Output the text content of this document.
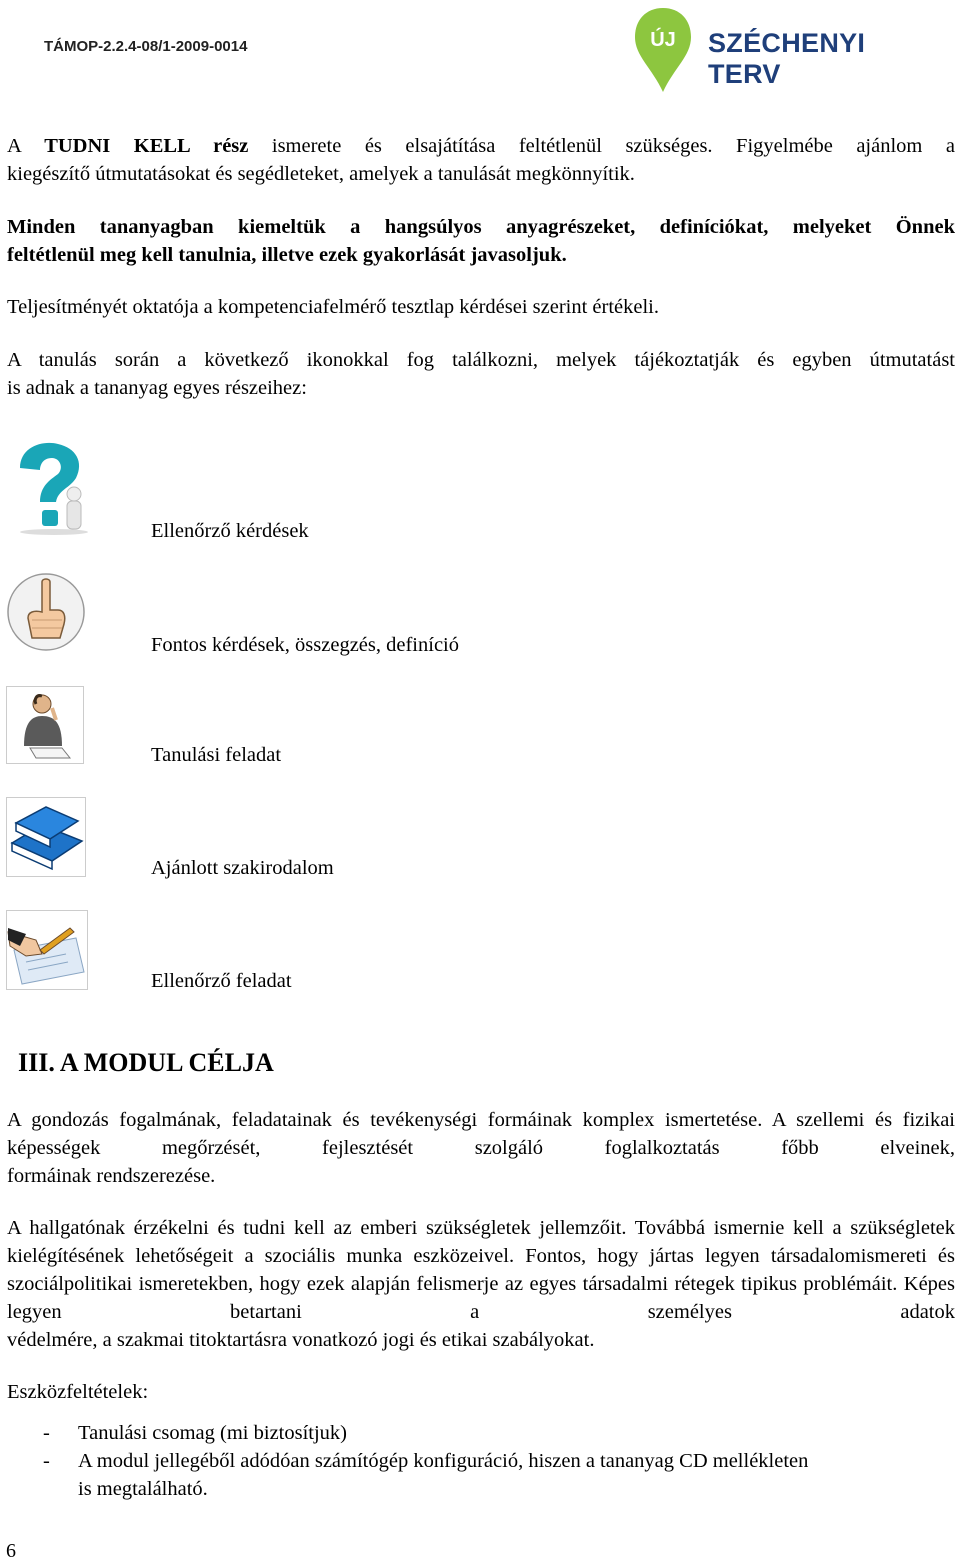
TÁMOP-2.2.4-08/1-2009-0014	ÚJ SZÉCHENYI TERV

A TUDNI KELL rész ismerete és elsajátítása feltétlenül szükséges. Figyelmébe ajánlom a
kiegészítő útmutatásokat és segédleteket, amelyek a tanulását megkönnyítik.

Minden tananyagban kiemeltük a hangsúlyos anyagrészeket, definíciókat, melyeket Önnek
feltétlenül meg kell tanulnia, illetve ezek gyakorlását javasoljuk.

Teljesítményét oktatója a kompetenciafelmérő tesztlap kérdései szerint értékeli.

A tanulás során a következő ikonokkal fog találkozni, melyek tájékoztatják és egyben útmutatást
is adnak a tananyag egyes részeihez:

Ellenőrző kérdések
Fontos kérdések, összegzés, definíció
Tanulási feladat
Ajánlott szakirodalom
Ellenőrző feladat
III. A MODUL CÉLJA

A gondozás fogalmának, feladatainak és tevékenységi formáinak komplex ismertetése. A szellemi és fizikai képességek megőrzését, fejlesztését szolgáló foglalkoztatás főbb elveinek,
formáinak rendszerezése.

A hallgatónak érzékelni és tudni kell az emberi szükségletek jellemzőit. Továbbá ismernie kell a szükségletek kielégítésének lehetőségeit a szociális munka eszközeivel. Fontos, hogy jártas legyen társadalomismereti és szociálpolitikai ismeretekben, hogy ezek alapján felismerje az egyes társadalmi rétegek tipikus problémáit. Képes legyen betartani a személyes adatok
védelmére, a szakmai titoktartásra vonatkozó jogi és etikai szabályokat.

Eszközfeltételek:

- Tanulási csomag (mi biztosítjuk)
- A modul jellegéből adódóan számítógép konfiguráció, hiszen a tananyag CD mellékleten
is megtalálható.
6
